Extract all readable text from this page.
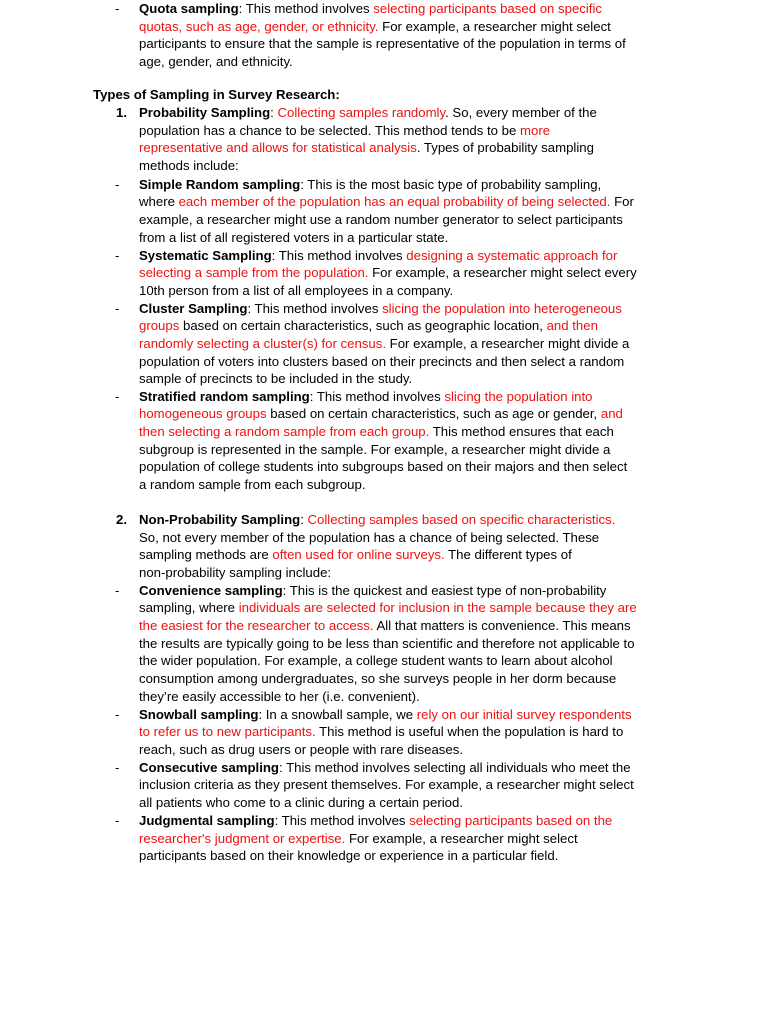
Types of Sampling in Survey Research:
1. Probability Sampling: Collecting samples randomly. So, every member of the

population has a chance to be selected. This method tends to be more

representative and allows for statistical analysis. Types of probability sampling

methods include:

- Simple Random sampling: This is the most basic type of probability sampling,

where each member of the population has an equal probability of being selected. For

example, a researcher might use a random number generator to select participants

from a list of all registered voters in a particular state.

- Systematic Sampling: This method involves designing a systematic approach for

selecting a sample from the population. For example, a researcher might select every

10th person from a list of all employees in a company.

- Cluster Sampling: This method involves slicing the population into heterogeneous

groups based on certain characteristics, such as geographic location, and then

randomly selecting a cluster(s) for census. For example, a researcher might divide a

population of voters into clusters based on their precincts and then select a random

sample of precincts to be included in the study.

- Stratified random sampling: This method involves slicing the population into

homogeneous groups based on certain characteristics, such as age or gender, and

then selecting a random sample from each group. This method ensures that each

subgroup is represented in the sample. For example, a researcher might divide a

population of college students into subgroups based on their majors and then select

a random sample from each subgroup.

2. Non-Probability Sampling: Collecting samples based on specific characteristics.

So, not every member of the population has a chance of being selected. These

sampling methods are often used for online surveys. The different types of

non-probability sampling include:

- Convenience sampling: This is the quickest and easiest type of non-probability

sampling, where individuals are selected for inclusion in the sample because they are

the easiest for the researcher to access. All that matters is convenience. This means

the results are typically going to be less than scientific and therefore not applicable to

the wider population. For example, a college student wants to learn about alcohol

consumption among undergraduates, so she surveys people in her dorm because

they’re easily accessible to her (i.e. convenient).

- Snowball sampling: In a snowball sample, we rely on our initial survey respondents

to refer us to new participants. This method is useful when the population is hard to

reach, such as drug users or people with rare diseases.

- Consecutive sampling: This method involves selecting all individuals who meet the

inclusion criteria as they present themselves. For example, a researcher might select

all patients who come to a clinic during a certain period.

- Judgmental sampling: This method involves selecting participants based on the

researcher's judgment or expertise. For example, a researcher might select

participants based on their knowledge or experience in a particular field.

- Quota sampling: This method involves selecting participants based on specific

quotas, such as age, gender, or ethnicity. For example, a researcher might select

participants to ensure that the sample is representative of the population in terms of

age, gender, and ethnicity.
